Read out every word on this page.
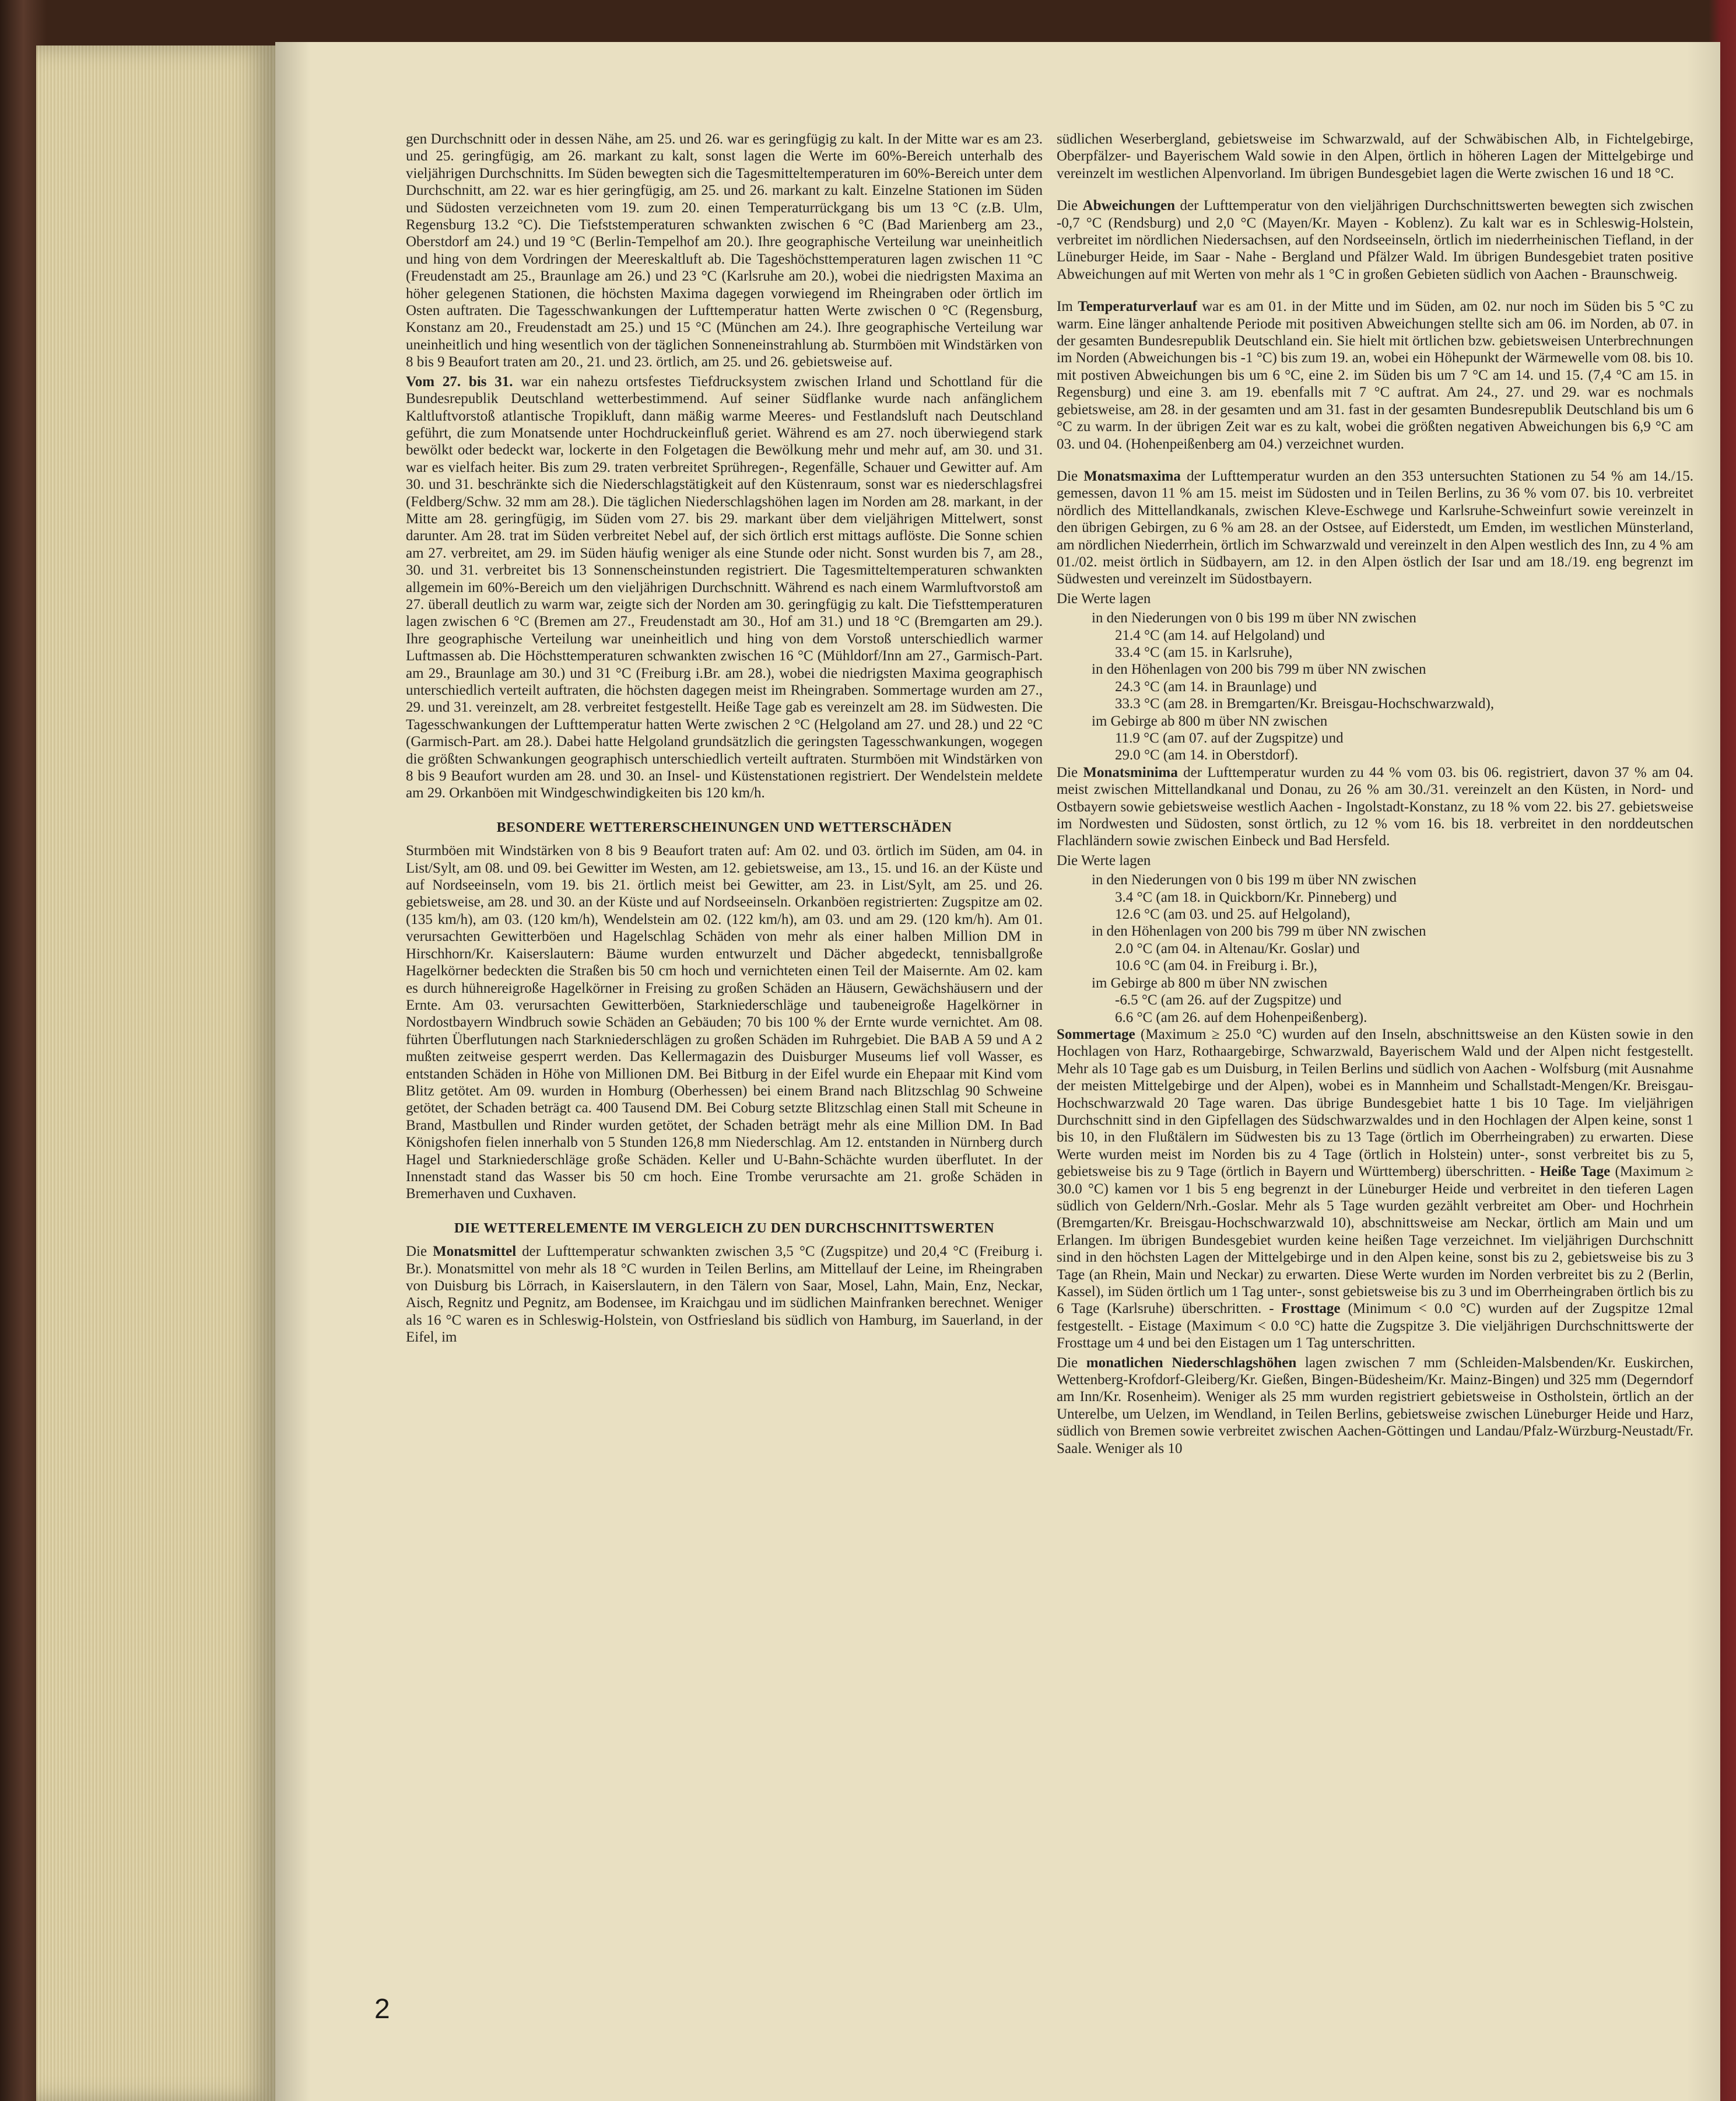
gen Durchschnitt oder in dessen Nähe, am 25. und 26. war es geringfügig zu kalt. In der Mitte war es am 23. und 25. geringfügig, am 26. markant zu kalt, sonst lagen die Werte im 60%-Bereich unterhalb des vieljährigen Durchschnitts. Im Süden bewegten sich die Tagesmitteltemperaturen im 60%-Bereich unter dem Durchschnitt, am 22. war es hier geringfügig, am 25. und 26. markant zu kalt. Einzelne Stationen im Süden und Südosten verzeichneten vom 19. zum 20. einen Temperaturrückgang bis um 13 °C (z.B. Ulm, Regensburg 13.2 °C). Die Tiefststemperaturen schwankten zwischen 6 °C (Bad Marienberg am 23., Oberstdorf am 24.) und 19 °C (Berlin-Tempelhof am 20.). Ihre geographische Verteilung war uneinheitlich und hing von dem Vordringen der Meereskaltluft ab. Die Tageshöchsttemperaturen lagen zwischen 11 °C (Freudenstadt am 25., Braunlage am 26.) und 23 °C (Karlsruhe am 20.), wobei die niedrigsten Maxima an höher gelegenen Stationen, die höchsten Maxima dagegen vorwiegend im Rheingraben oder örtlich im Osten auftraten. Die Tagesschwankungen der Lufttemperatur hatten Werte zwischen 0 °C (Regensburg, Konstanz am 20., Freudenstadt am 25.) und 15 °C (München am 24.). Ihre geographische Verteilung war uneinheitlich und hing wesentlich von der täglichen Sonneneinstrahlung ab. Sturmböen mit Windstärken von 8 bis 9 Beaufort traten am 20., 21. und 23. örtlich, am 25. und 26. gebietsweise auf.

Vom 27. bis 31. war ein nahezu ortsfestes Tiefdrucksystem zwischen Irland und Schottland für die Bundesrepublik Deutschland wetterbestimmend. Auf seiner Südflanke wurde nach anfänglichem Kaltluftvorstoß atlantische Tropikluft, dann mäßig warme Meeres- und Festlandsluft nach Deutschland geführt, die zum Monatsende unter Hochdruckeinfluß geriet. Während es am 27. noch überwiegend stark bewölkt oder bedeckt war, lockerte in den Folgetagen die Bewölkung mehr und mehr auf, am 30. und 31. war es vielfach heiter. Bis zum 29. traten verbreitet Sprühregen-, Regenfälle, Schauer und Gewitter auf. Am 30. und 31. beschränkte sich die Niederschlagstätigkeit auf den Küstenraum, sonst war es niederschlagsfrei (Feldberg/Schw. 32 mm am 28.). Die täglichen Niederschlagshöhen lagen im Norden am 28. markant, in der Mitte am 28. geringfügig, im Süden vom 27. bis 29. markant über dem vieljährigen Mittelwert, sonst darunter. Am 28. trat im Süden verbreitet Nebel auf, der sich örtlich erst mittags auflöste. Die Sonne schien am 27. verbreitet, am 29. im Süden häufig weniger als eine Stunde oder nicht. Sonst wurden bis 7, am 28., 30. und 31. verbreitet bis 13 Sonnenscheinstunden registriert. Die Tagesmitteltemperaturen schwankten allgemein im 60%-Bereich um den vieljährigen Durchschnitt. Während es nach einem Warmluftvorstoß am 27. überall deutlich zu warm war, zeigte sich der Norden am 30. geringfügig zu kalt. Die Tiefsttemperaturen lagen zwischen 6 °C (Bremen am 27., Freudenstadt am 30., Hof am 31.) und 18 °C (Bremgarten am 29.). Ihre geographische Verteilung war uneinheitlich und hing von dem Vorstoß unterschiedlich warmer Luftmassen ab. Die Höchsttemperaturen schwankten zwischen 16 °C (Mühldorf/Inn am 27., Garmisch-Part. am 29., Braunlage am 30.) und 31 °C (Freiburg i.Br. am 28.), wobei die niedrigsten Maxima geographisch unterschiedlich verteilt auftraten, die höchsten dagegen meist im Rheingraben. Sommertage wurden am 27., 29. und 31. vereinzelt, am 28. verbreitet festgestellt. Heiße Tage gab es vereinzelt am 28. im Südwesten. Die Tagesschwankungen der Lufttemperatur hatten Werte zwischen 2 °C (Helgoland am 27. und 28.) und 22 °C (Garmisch-Part. am 28.). Dabei hatte Helgoland grundsätzlich die geringsten Tagesschwankungen, wogegen die größten Schwankungen geographisch unterschiedlich verteilt auftraten. Sturmböen mit Windstärken von 8 bis 9 Beaufort wurden am 28. und 30. an Insel- und Küstenstationen registriert. Der Wendelstein meldete am 29. Orkanböen mit Windgeschwindigkeiten bis 120 km/h.

BESONDERE WETTERERSCHEINUNGEN UND WETTERSCHÄDEN

Sturmböen mit Windstärken von 8 bis 9 Beaufort traten auf: Am 02. und 03. örtlich im Süden, am 04. in List/Sylt, am 08. und 09. bei Gewitter im Westen, am 12. gebietsweise, am 13., 15. und 16. an der Küste und auf Nordseeinseln, vom 19. bis 21. örtlich meist bei Gewitter, am 23. in List/Sylt, am 25. und 26. gebietsweise, am 28. und 30. an der Küste und auf Nordseeinseln. Orkanböen registrierten: Zugspitze am 02. (135 km/h), am 03. (120 km/h), Wendelstein am 02. (122 km/h), am 03. und am 29. (120 km/h). Am 01. verursachten Gewitterböen und Hagelschlag Schäden von mehr als einer halben Million DM in Hirschhorn/Kr. Kaiserslautern: Bäume wurden entwurzelt und Dächer abgedeckt, tennisballgroße Hagelkörner bedeckten die Straßen bis 50 cm hoch und vernichteten einen Teil der Maisernte. Am 02. kam es durch hühnereigroße Hagelkörner in Freising zu großen Schäden an Häusern, Gewächshäusern und der Ernte. Am 03. verursachten Gewitterböen, Starkniederschläge und taubeneigroße Hagelkörner in Nordostbayern Windbruch sowie Schäden an Gebäuden; 70 bis 100 % der Ernte wurde vernichtet. Am 08. führten Überflutungen nach Starkniederschlägen zu großen Schäden im Ruhrgebiet. Die BAB A 59 und A 2 mußten zeitweise gesperrt werden. Das Kellermagazin des Duisburger Museums lief voll Wasser, es entstanden Schäden in Höhe von Millionen DM. Bei Bitburg in der Eifel wurde ein Ehepaar mit Kind vom Blitz getötet. Am 09. wurden in Homburg (Oberhessen) bei einem Brand nach Blitzschlag 90 Schweine getötet, der Schaden beträgt ca. 400 Tausend DM. Bei Coburg setzte Blitzschlag einen Stall mit Scheune in Brand, Mastbullen und Rinder wurden getötet, der Schaden beträgt mehr als eine Million DM. In Bad Königshofen fielen innerhalb von 5 Stunden 126,8 mm Niederschlag. Am 12. entstanden in Nürnberg durch Hagel und Starkniederschläge große Schäden. Keller und U-Bahn-Schächte wurden überflutet. In der Innenstadt stand das Wasser bis 50 cm hoch. Eine Trombe verursachte am 21. große Schäden in Bremerhaven und Cuxhaven.

DIE WETTERELEMENTE IM VERGLEICH ZU DEN DURCHSCHNITTSWERTEN

Die Monatsmittel der Lufttemperatur schwankten zwischen 3,5 °C (Zugspitze) und 20,4 °C (Freiburg i. Br.). Monatsmittel von mehr als 18 °C wurden in Teilen Berlins, am Mittellauf der Leine, im Rheingraben von Duisburg bis Lörrach, in Kaiserslautern, in den Tälern von Saar, Mosel, Lahn, Main, Enz, Neckar, Aisch, Regnitz und Pegnitz, am Bodensee, im Kraichgau und im südlichen Mainfranken berechnet. Weniger als 16 °C waren es in Schleswig-Holstein, von Ostfriesland bis südlich von Hamburg, im Sauerland, in der Eifel, im

südlichen Weserbergland, gebietsweise im Schwarzwald, auf der Schwäbischen Alb, in Fichtelgebirge, Oberpfälzer- und Bayerischem Wald sowie in den Alpen, örtlich in höheren Lagen der Mittelgebirge und vereinzelt im westlichen Alpenvorland. Im übrigen Bundesgebiet lagen die Werte zwischen 16 und 18 °C.

Die Abweichungen der Lufttemperatur von den vieljährigen Durchschnittswerten bewegten sich zwischen -0,7 °C (Rendsburg) und 2,0 °C (Mayen/Kr. Mayen - Koblenz). Zu kalt war es in Schleswig-Holstein, verbreitet im nördlichen Niedersachsen, auf den Nordseeinseln, örtlich im niederrheinischen Tiefland, in der Lüneburger Heide, im Saar - Nahe - Bergland und Pfälzer Wald. Im übrigen Bundesgebiet traten positive Abweichungen auf mit Werten von mehr als 1 °C in großen Gebieten südlich von Aachen - Braunschweig.

Im Temperaturverlauf war es am 01. in der Mitte und im Süden, am 02. nur noch im Süden bis 5 °C zu warm. Eine länger anhaltende Periode mit positiven Abweichungen stellte sich am 06. im Norden, ab 07. in der gesamten Bundesrepublik Deutschland ein. Sie hielt mit örtlichen bzw. gebietsweisen Unterbrechnungen im Norden (Abweichungen bis -1 °C) bis zum 19. an, wobei ein Höhepunkt der Wärmewelle vom 08. bis 10. mit postiven Abweichungen bis um 6 °C, eine 2. im Süden bis um 7 °C am 14. und 15. (7,4 °C am 15. in Regensburg) und eine 3. am 19. ebenfalls mit 7 °C auftrat. Am 24., 27. und 29. war es nochmals gebietsweise, am 28. in der gesamten und am 31. fast in der gesamten Bundesrepublik Deutschland bis um 6 °C zu warm. In der übrigen Zeit war es zu kalt, wobei die größten negativen Abweichungen bis 6,9 °C am 03. und 04. (Hohenpeißenberg am 04.) verzeichnet wurden.

Die Monatsmaxima der Lufttemperatur wurden an den 353 untersuchten Stationen zu 54 % am 14./15. gemessen, davon 11 % am 15. meist im Südosten und in Teilen Berlins, zu 36 % vom 07. bis 10. verbreitet nördlich des Mittellandkanals, zwischen Kleve-Eschwege und Karlsruhe-Schweinfurt sowie vereinzelt in den übrigen Gebirgen, zu 6 % am 28. an der Ostsee, auf Eiderstedt, um Emden, im westlichen Münsterland, am nördlichen Niederrhein, örtlich im Schwarzwald und vereinzelt in den Alpen westlich des Inn, zu 4 % am 01./02. meist örtlich in Südbayern, am 12. in den Alpen östlich der Isar und am 18./19. eng begrenzt im Südwesten und vereinzelt im Südostbayern.

Die Werte lagen

in den Niederungen von 0 bis 199 m über NN zwischen
21.4 °C (am 14. auf Helgoland) und
33.4 °C (am 15. in Karlsruhe),
in den Höhenlagen von 200 bis 799 m über NN zwischen
24.3 °C (am 14. in Braunlage) und
33.3 °C (am 28. in Bremgarten/Kr. Breisgau-Hochschwarzwald),
im Gebirge ab 800 m über NN zwischen
11.9 °C (am 07. auf der Zugspitze) und
29.0 °C (am 14. in Oberstdorf).

Die Monatsminima der Lufttemperatur wurden zu 44 % vom 03. bis 06. registriert, davon 37 % am 04. meist zwischen Mittellandkanal und Donau, zu 26 % am 30./31. vereinzelt an den Küsten, in Nord- und Ostbayern sowie gebietsweise westlich Aachen - Ingolstadt-Konstanz, zu 18 % vom 22. bis 27. gebietsweise im Nordwesten und Südosten, sonst örtlich, zu 12 % vom 16. bis 18. verbreitet in den norddeutschen Flachländern sowie zwischen Einbeck und Bad Hersfeld.

Die Werte lagen

in den Niederungen von 0 bis 199 m über NN zwischen
3.4 °C (am 18. in Quickborn/Kr. Pinneberg) und
12.6 °C (am 03. und 25. auf Helgoland),
in den Höhenlagen von 200 bis 799 m über NN zwischen
2.0 °C (am 04. in Altenau/Kr. Goslar) und
10.6 °C (am 04. in Freiburg i. Br.),
im Gebirge ab 800 m über NN zwischen
-6.5 °C (am 26. auf der Zugspitze) und
6.6 °C (am 26. auf dem Hohenpeißenberg).

Sommertage (Maximum ≥ 25.0 °C) wurden auf den Inseln, abschnittsweise an den Küsten sowie in den Hochlagen von Harz, Rothaargebirge, Schwarzwald, Bayerischem Wald und der Alpen nicht festgestellt. Mehr als 10 Tage gab es um Duisburg, in Teilen Berlins und südlich von Aachen - Wolfsburg (mit Ausnahme der meisten Mittelgebirge und der Alpen), wobei es in Mannheim und Schallstadt-Mengen/Kr. Breisgau-Hochschwarzwald 20 Tage waren. Das übrige Bundesgebiet hatte 1 bis 10 Tage. Im vieljährigen Durchschnitt sind in den Gipfellagen des Südschwarzwaldes und in den Hochlagen der Alpen keine, sonst 1 bis 10, in den Flußtälern im Südwesten bis zu 13 Tage (örtlich im Oberrheingraben) zu erwarten. Diese Werte wurden meist im Norden bis zu 4 Tage (örtlich in Holstein) unter-, sonst verbreitet bis zu 5, gebietsweise bis zu 9 Tage (örtlich in Bayern und Württemberg) überschritten. - Heiße Tage (Maximum ≥ 30.0 °C) kamen vor 1 bis 5 eng begrenzt in der Lüneburger Heide und verbreitet in den tieferen Lagen südlich von Geldern/Nrh.-Goslar. Mehr als 5 Tage wurden gezählt verbreitet am Ober- und Hochrhein (Bremgarten/Kr. Breisgau-Hochschwarzwald 10), abschnittsweise am Neckar, örtlich am Main und um Erlangen. Im übrigen Bundesgebiet wurden keine heißen Tage verzeichnet. Im vieljährigen Durchschnitt sind in den höchsten Lagen der Mittelgebirge und in den Alpen keine, sonst bis zu 2, gebietsweise bis zu 3 Tage (an Rhein, Main und Neckar) zu erwarten. Diese Werte wurden im Norden verbreitet bis zu 2 (Berlin, Kassel), im Süden örtlich um 1 Tag unter-, sonst gebietsweise bis zu 3 und im Oberrheingraben örtlich bis zu 6 Tage (Karlsruhe) überschritten. - Frosttage (Minimum < 0.0 °C) wurden auf der Zugspitze 12mal festgestellt. - Eistage (Maximum < 0.0 °C) hatte die Zugspitze 3. Die vieljährigen Durchschnittswerte der Frosttage um 4 und bei den Eistagen um 1 Tag unterschritten.

Die monatlichen Niederschlagshöhen lagen zwischen 7 mm (Schleiden-Malsbenden/Kr. Euskirchen, Wettenberg-Krofdorf-Gleiberg/Kr. Gießen, Bingen-Büdesheim/Kr. Mainz-Bingen) und 325 mm (Degerndorf am Inn/Kr. Rosenheim). Weniger als 25 mm wurden registriert gebietsweise in Ostholstein, örtlich an der Unterelbe, um Uelzen, im Wendland, in Teilen Berlins, gebietsweise zwischen Lüneburger Heide und Harz, südlich von Bremen sowie verbreitet zwischen Aachen-Göttingen und Landau/Pfalz-Würzburg-Neustadt/Fr. Saale. Weniger als 10

2
